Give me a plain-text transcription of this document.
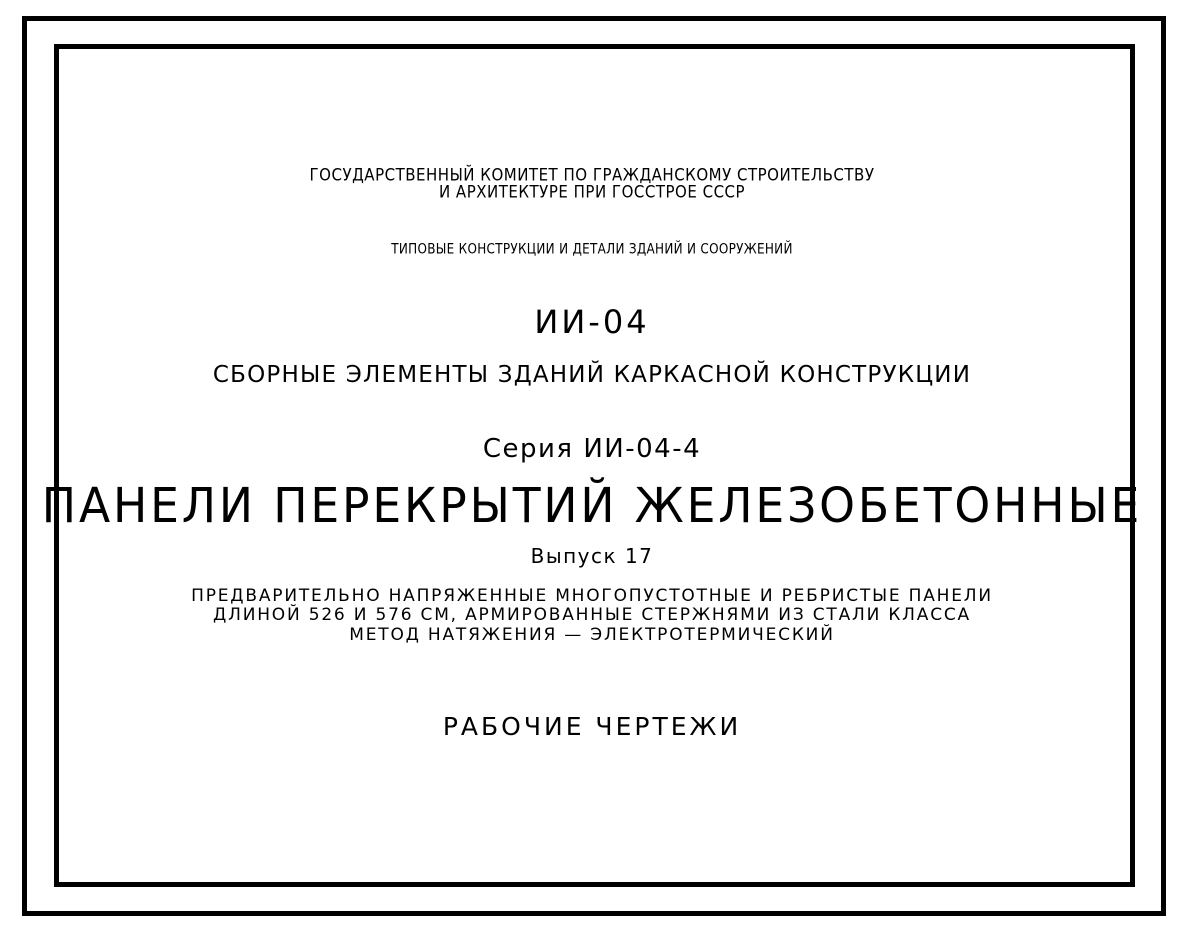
ГОСУДАРСТВЕННЫЙ КОМИТЕТ ПО ГРАЖДАНСКОМУ СТРОИТЕЛЬСТВУ
И АРХИТЕКТУРЕ ПРИ ГОССТРОЕ СССР
ТИПОВЫЕ КОНСТРУКЦИИ И ДЕТАЛИ ЗДАНИЙ И СООРУЖЕНИЙ
ИИ-04
СБОРНЫЕ ЭЛЕМЕНТЫ ЗДАНИЙ КАРКАСНОЙ КОНСТРУКЦИИ
Серия ИИ-04-4
ПАНЕЛИ ПЕРЕКРЫТИЙ ЖЕЛЕЗОБЕТОННЫЕ
Выпуск 17
ПРЕДВАРИТЕЛЬНО НАПРЯЖЕННЫЕ МНОГОПУСТОТНЫЕ И РЕБРИСТЫЕ ПАНЕЛИ
ДЛИНОЙ 526 И 576 СМ, АРМИРОВАННЫЕ СТЕРЖНЯМИ ИЗ СТАЛИ КЛАССА
МЕТОД НАТЯЖЕНИЯ — ЭЛЕКТРОТЕРМИЧЕСКИЙ
РАБОЧИЕ ЧЕРТЕЖИ
